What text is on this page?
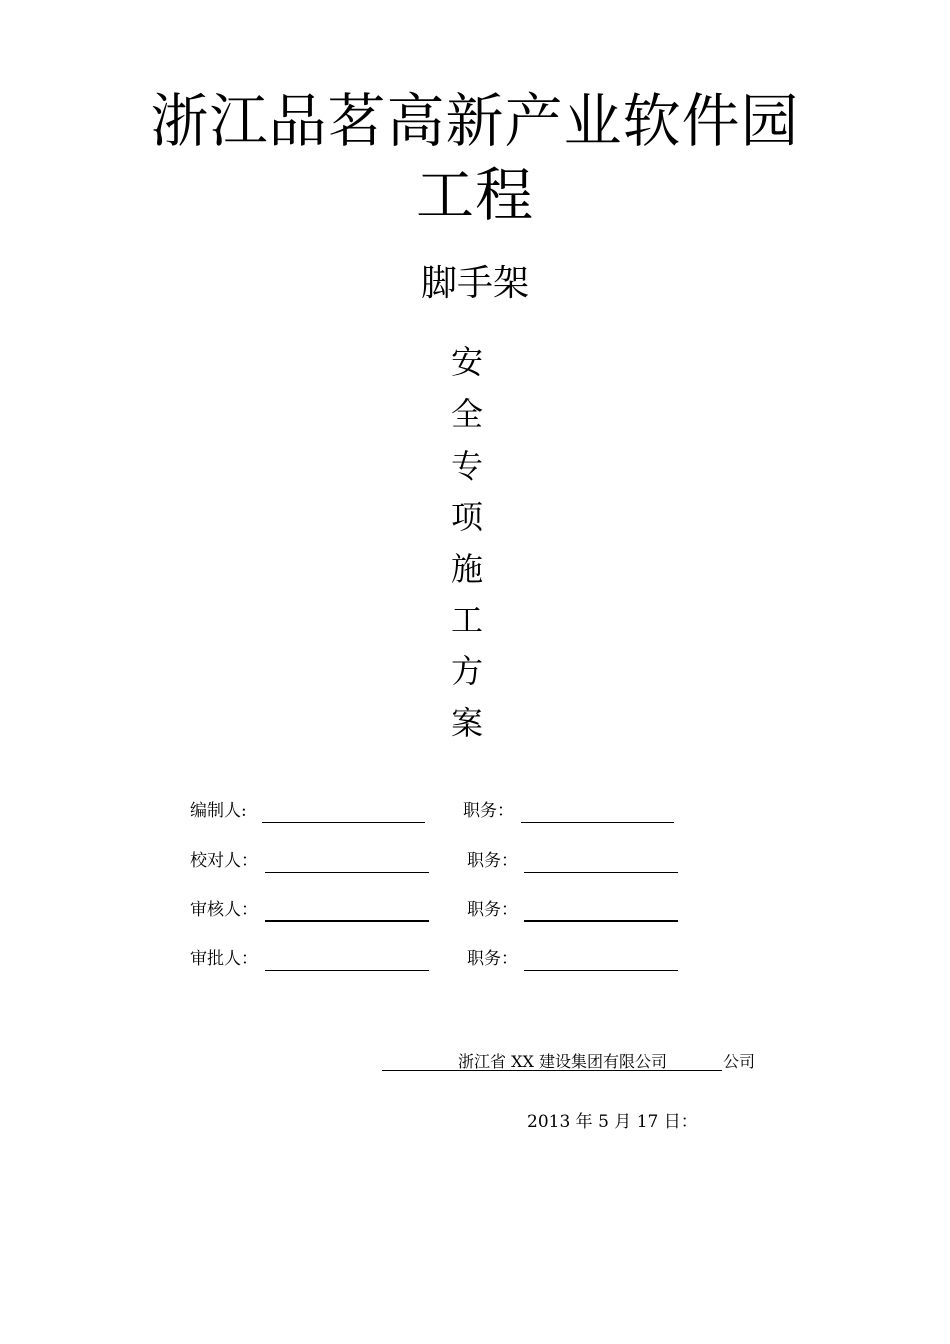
浙江品茗高新产业软件园
工程
脚手架
安
全
专
项
施
工
方
案
编制人:	职务：
校对人：	职务：
审核人：	职务：
审批人：	职务：
浙江省 XX 建设集团有限公司	公司
2013 年 5 月 17 日：
